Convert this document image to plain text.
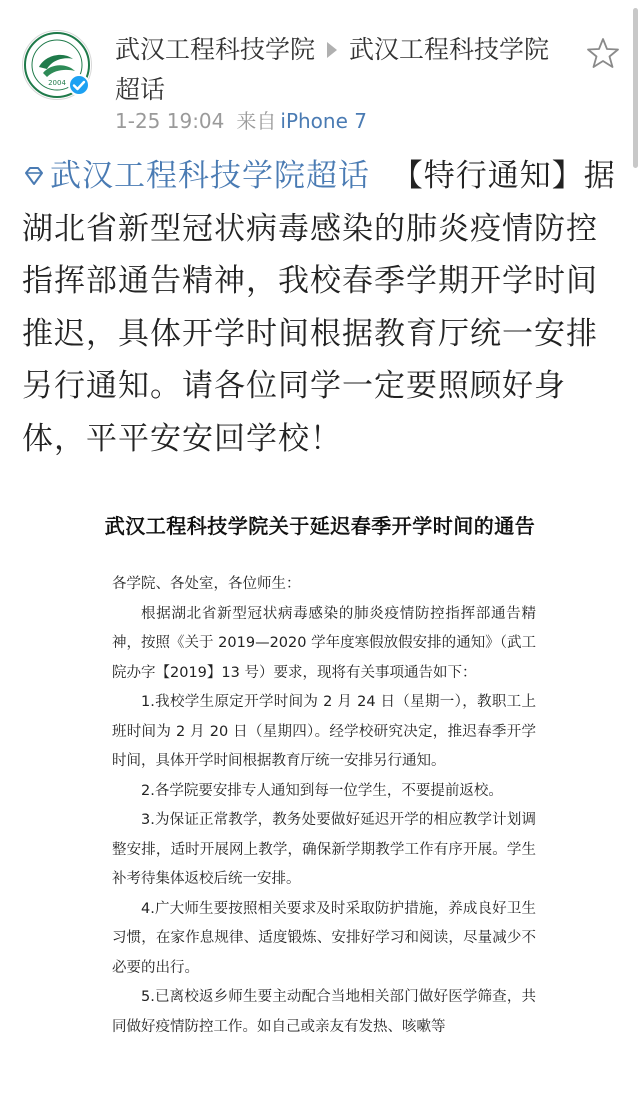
2004
武汉工程科技学院 武汉工程科技学院
超话
1-25 19:04 来自 iPhone 7
武汉工程科技学院超话 【特行通知】据湖北省新型冠状病毒感染的肺炎疫情防控指挥部通告精神，我校春季学期开学时间推迟，具体开学时间根据教育厅统一安排另行通知。请各位同学一定要照顾好身体，平平安安回学校！
武汉工程科技学院关于延迟春季开学时间的通告

各学院、各处室，各位师生：

根据湖北省新型冠状病毒感染的肺炎疫情防控指挥部通告精神，按照《关于 2019—2020 学年度寒假放假安排的通知》（武工院办字【2019】13 号）要求，现将有关事项通告如下：

1.我校学生原定开学时间为 2 月 24 日（星期一），教职工上班时间为 2 月 20 日（星期四）。经学校研究决定，推迟春季开学时间，具体开学时间根据教育厅统一安排另行通知。

2.各学院要安排专人通知到每一位学生，不要提前返校。

3.为保证正常教学，教务处要做好延迟开学的相应教学计划调整安排，适时开展网上教学，确保新学期教学工作有序开展。学生补考待集体返校后统一安排。

4.广大师生要按照相关要求及时采取防护措施，养成良好卫生习惯，在家作息规律、适度锻炼、安排好学习和阅读，尽量减少不必要的出行。

5.已离校返乡师生要主动配合当地相关部门做好医学筛查，共同做好疫情防控工作。如自己或亲友有发热、咳嗽等
